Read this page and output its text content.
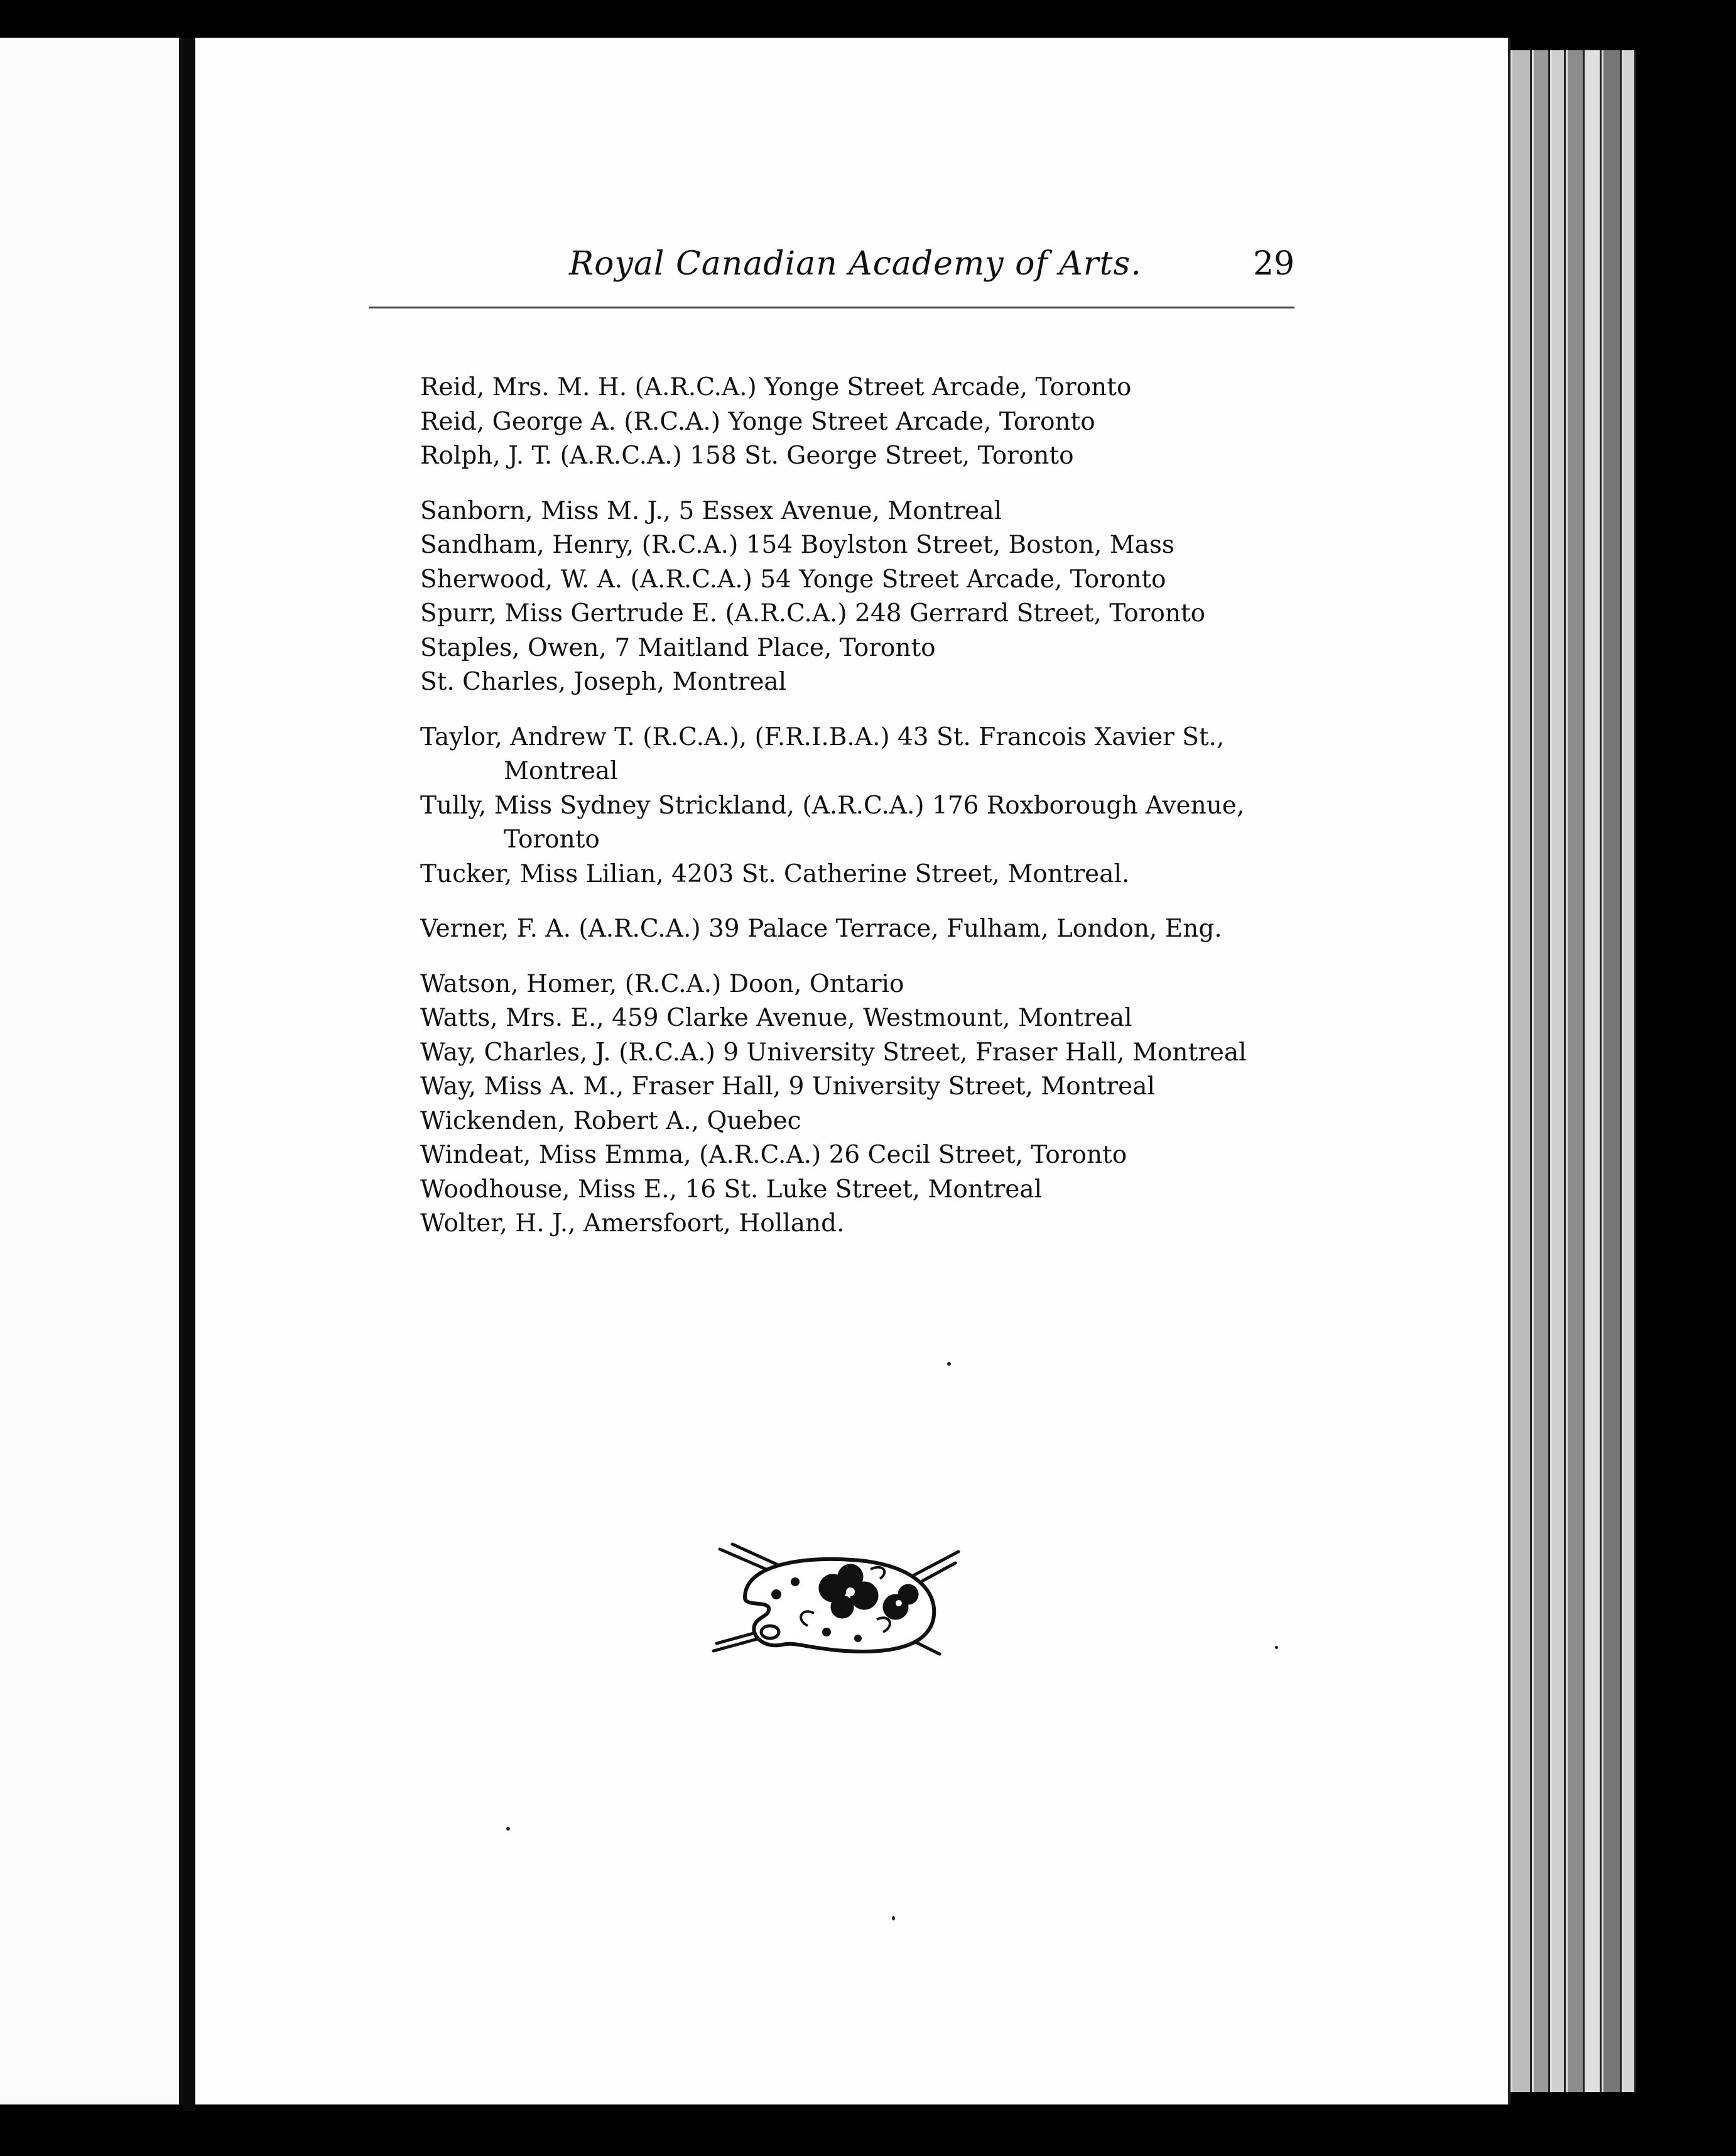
Royal Canadian Academy of Arts.	29
Reid, Mrs. M. H. (A.R.C.A.) Yonge Street Arcade, Toronto
Reid, George A. (R.C.A.) Yonge Street Arcade, Toronto
Rolph, J. T. (A.R.C.A.) 158 St. George Street, Toronto
Sanborn, Miss M. J., 5 Essex Avenue, Montreal
Sandham, Henry, (R.C.A.) 154 Boylston Street, Boston, Mass
Sherwood, W. A. (A.R.C.A.) 54 Yonge Street Arcade, Toronto
Spurr, Miss Gertrude E. (A.R.C.A.) 248 Gerrard Street, Toronto
Staples, Owen, 7 Maitland Place, Toronto
St. Charles, Joseph, Montreal
Taylor, Andrew T. (R.C.A.), (F.R.I.B.A.) 43 St. Francois Xavier St.,
Montreal
Tully, Miss Sydney Strickland, (A.R.C.A.) 176 Roxborough Avenue,
Toronto
Tucker, Miss Lilian, 4203 St. Catherine Street, Montreal.
Verner, F. A. (A.R.C.A.) 39 Palace Terrace, Fulham, London, Eng.
Watson, Homer, (R.C.A.) Doon, Ontario
Watts, Mrs. E., 459 Clarke Avenue, Westmount, Montreal
Way, Charles, J. (R.C.A.) 9 University Street, Fraser Hall, Montreal
Way, Miss A. M., Fraser Hall, 9 University Street, Montreal
Wickenden, Robert A., Quebec
Windeat, Miss Emma, (A.R.C.A.) 26 Cecil Street, Toronto
Woodhouse, Miss E., 16 St. Luke Street, Montreal
Wolter, H. J., Amersfoort, Holland.
